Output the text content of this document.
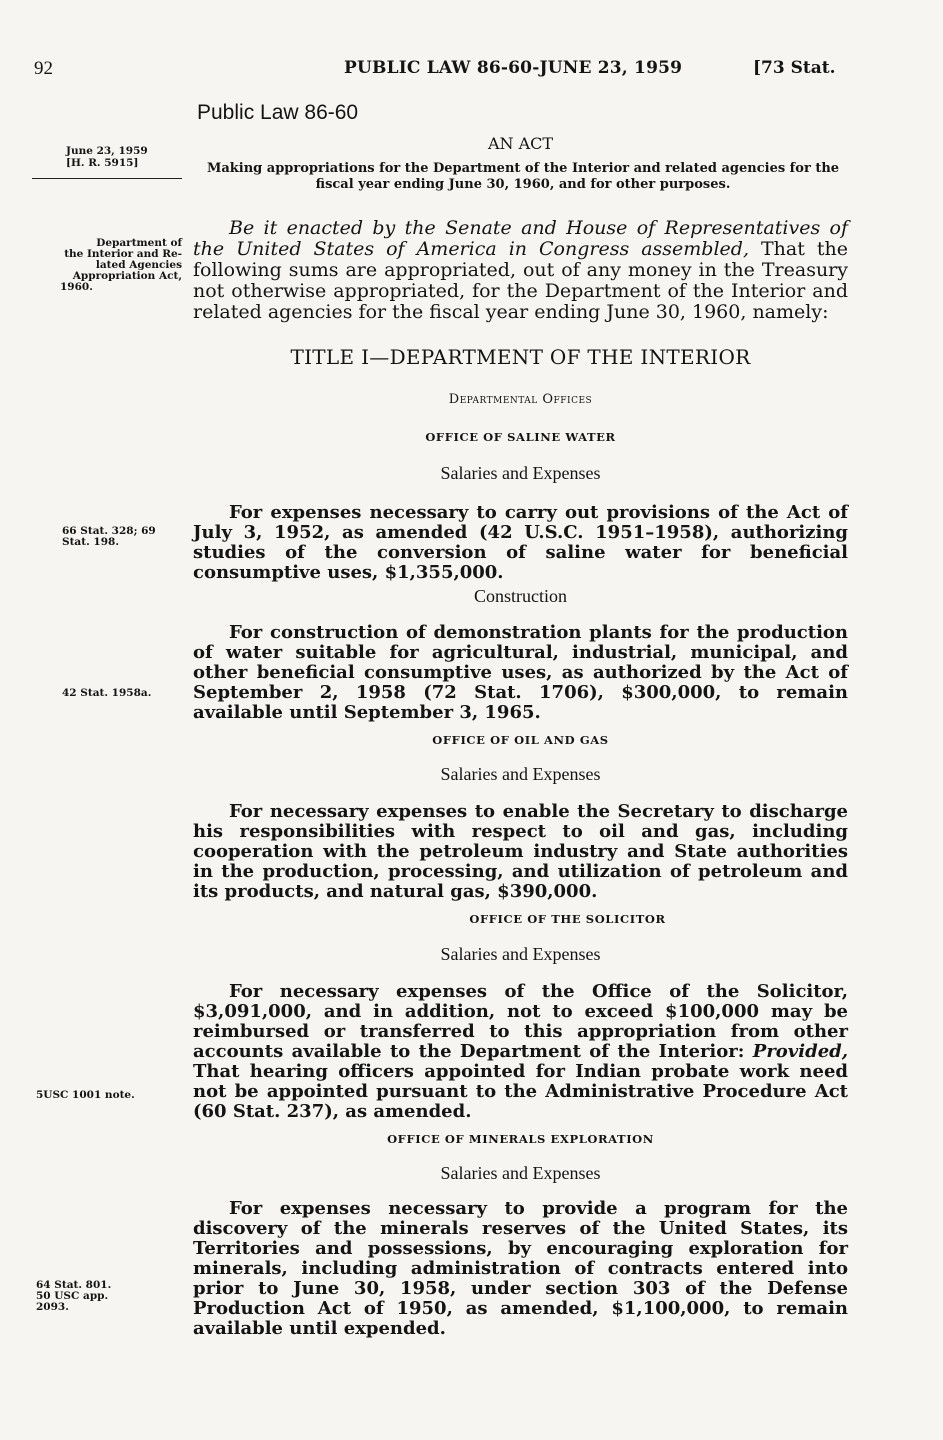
92	PUBLIC LAW 86-60-JUNE 23, 1959	[73 Stat.
Public Law 86-60
June 23, 1959
[H. R. 5915]
Department of
the Interior and Re-
lated Agencies
Appropriation Act,
1960.
66 Stat. 328; 69
Stat. 198.
42 Stat. 1958a.
5USC 1001 note.
64 Stat. 801.
50 USC app.
2093.
AN ACT
Making appropriations for the Department of the Interior and related agencies for the fiscal year ending June 30, 1960, and for other purposes.
Be it enacted by the Senate and House of Representatives of the United States of America in Congress assembled, That the following sums are appropriated, out of any money in the Treasury not otherwise appropriated, for the Department of the Interior and related agencies for the fiscal year ending June 30, 1960, namely:
TITLE I—DEPARTMENT OF THE INTERIOR
Departmental Offices
OFFICE OF SALINE WATER
Salaries and Expenses
For expenses necessary to carry out provisions of the Act of July 3, 1952, as amended (42 U.S.C. 1951–1958), authorizing studies of the conversion of saline water for beneficial consumptive uses, $1,355,000.
Construction
For construction of demonstration plants for the production of water suitable for agricultural, industrial, municipal, and other beneficial consumptive uses, as authorized by the Act of September 2, 1958 (72 Stat. 1706), $300,000, to remain available until September 3, 1965.
OFFICE OF OIL AND GAS
Salaries and Expenses
For necessary expenses to enable the Secretary to discharge his responsibilities with respect to oil and gas, including cooperation with the petroleum industry and State authorities in the production, processing, and utilization of petroleum and its products, and natural gas, $390,000.
OFFICE OF THE SOLICITOR
Salaries and Expenses
For necessary expenses of the Office of the Solicitor, $3,091,000, and in addition, not to exceed $100,000 may be reimbursed or transferred to this appropriation from other accounts available to the Department of the Interior: Provided, That hearing officers appointed for Indian probate work need not be appointed pursuant to the Administrative Procedure Act (60 Stat. 237), as amended.
OFFICE OF MINERALS EXPLORATION
Salaries and Expenses
For expenses necessary to provide a program for the discovery of the minerals reserves of the United States, its Territories and possessions, by encouraging exploration for minerals, including administration of contracts entered into prior to June 30, 1958, under section 303 of the Defense Production Act of 1950, as amended, $1,100,000, to remain available until expended.
